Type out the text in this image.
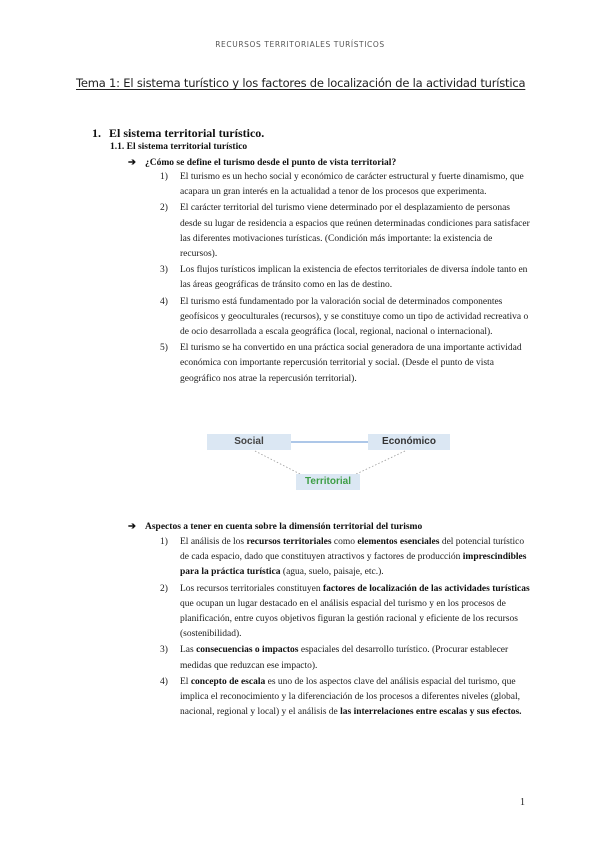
RECURSOS TERRITORIALES TURÍSTICOS
Tema 1: El sistema turístico y los factores de localización de la actividad turística
1. El sistema territorial turístico.
1.1. El sistema territorial turístico
➔ ¿Cómo se define el turismo desde el punto de vista territorial?
1) El turismo es un hecho social y económico de carácter estructural y fuerte dinamismo, que acapara un gran interés en la actualidad a tenor de los procesos que experimenta.
2) El carácter territorial del turismo viene determinado por el desplazamiento de personas desde su lugar de residencia a espacios que reúnen determinadas condiciones para satisfacer las diferentes motivaciones turísticas. (Condición más importante: la existencia de recursos).
3) Los flujos turísticos implican la existencia de efectos territoriales de diversa índole tanto en las áreas geográficas de tránsito como en las de destino.
4) El turismo está fundamentado por la valoración social de determinados componentes geofísicos y geoculturales (recursos), y se constituye como un tipo de actividad recreativa o de ocio desarrollada a escala geográfica (local, regional, nacional o internacional).
5) El turismo se ha convertido en una práctica social generadora de una importante actividad económica con importante repercusión territorial y social. (Desde el punto de vista geográfico nos atrae la repercusión territorial).
Social	Económico
Territorial
➔ Aspectos a tener en cuenta sobre la dimensión territorial del turismo
1) El análisis de los recursos territoriales como elementos esenciales del potencial turístico de cada espacio, dado que constituyen atractivos y factores de producción imprescindibles para la práctica turística (agua, suelo, paisaje, etc.).
2) Los recursos territoriales constituyen factores de localización de las actividades turísticas que ocupan un lugar destacado en el análisis espacial del turismo y en los procesos de planificación, entre cuyos objetivos figuran la gestión racional y eficiente de los recursos (sostenibilidad).
3) Las consecuencias o impactos espaciales del desarrollo turístico. (Procurar establecer medidas que reduzcan ese impacto).
4) El concepto de escala es uno de los aspectos clave del análisis espacial del turismo, que implica el reconocimiento y la diferenciación de los procesos a diferentes niveles (global, nacional, regional y local) y el análisis de las interrelaciones entre escalas y sus efectos.
1
